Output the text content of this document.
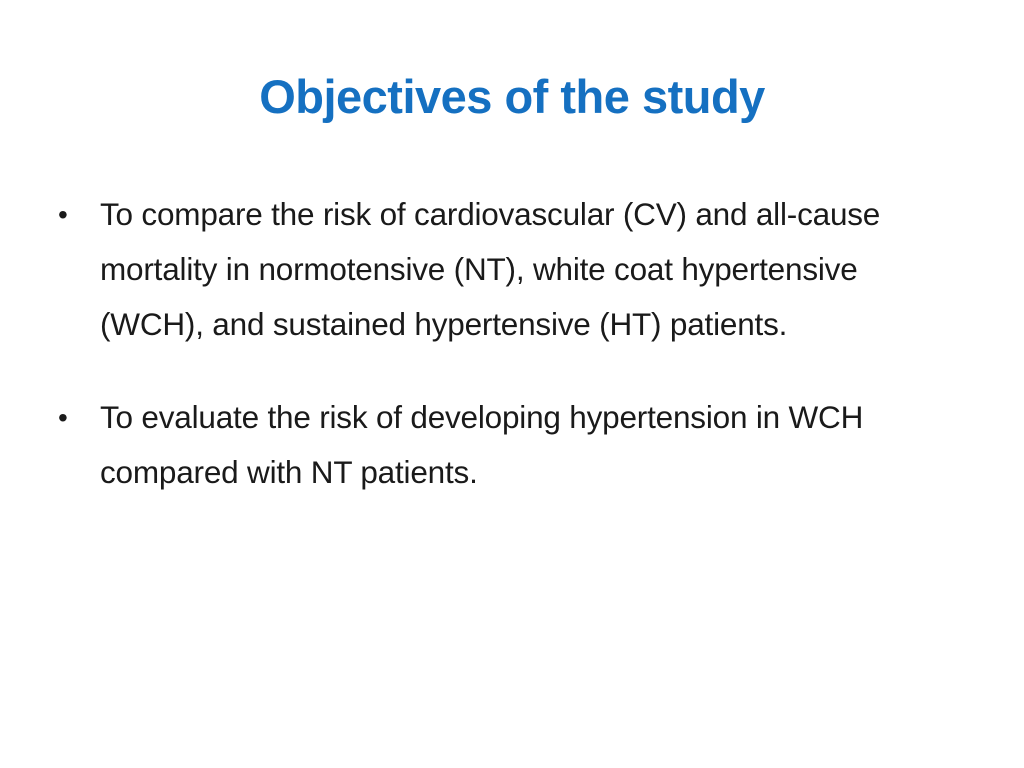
Objectives of the study
• To compare the risk of cardiovascular (CV) and all-cause mortality in normotensive (NT), white coat hypertensive (WCH), and sustained hypertensive (HT) patients.
• To evaluate the risk of developing hypertension in WCH compared with NT patients.
